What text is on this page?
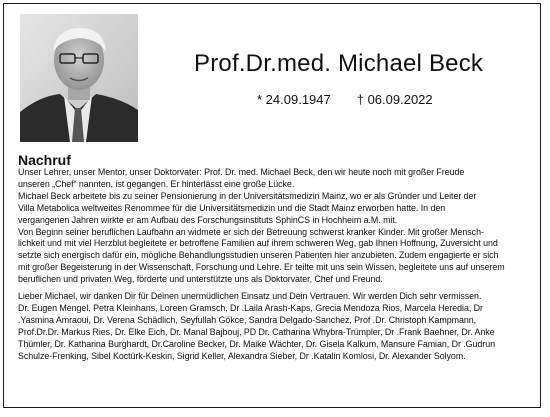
Prof.Dr.med. Michael Beck
* 24.09.1947 † 06.09.2022
Nachruf

Unser Lehrer, unser Mentor, unser Doktorvater: Prof. Dr. med. Michael Beck, den wir heute noch mit großer Freude
unseren „Chef“ nannten, ist gegangen. Er hinterlässt eine große Lücke.
Michael Beck arbeitete bis zu seiner Pensionierung in der Universitätsmedizin Mainz, wo er als Gründer und Leiter der
Villa Metabolica weltweites Renommee für die Universitätsmedizin und die Stadt Mainz erworben hatte. In den
vergangenen Jahren wirkte er am Aufbau des Forschungsinstituts SphinCS in Hochheim a.M. mit.
Von Beginn seiner beruflichen Laufbahn an widmete er sich der Betreuung schwerst kranker Kinder. Mit großer Mensch-
lichkeit und mit viel Herzblut begleitete er betroffene Familien auf ihrem schweren Weg, gab Ihnen Hoffnung, Zuversicht und
setzte sich energisch dafür ein, mögliche Behandlungsstudien unseren Patienten hier anzubieten. Zudem engagierte er sich
mit großer Begeisterung in der Wissenschaft, Forschung und Lehre. Er teilte mit uns sein Wissen, begleitete uns auf unserem
beruflichen und privaten Weg, förderte und unterstützte uns als Doktorvater, Chef und Freund.

Lieber Michael, wir danken Dir für Deinen unermüdlichen Einsatz und Dein Vertrauen. Wir werden Dich sehr vermissen.
Dr. Eugen Mengel, Petra Kleinhans, Loreen Gramsch, Dr .Laila Arash-Kaps, Grecia Mendoza Rios, Marcela Heredia, Dr
.Yasmina Amraoui, Dr. Verena Schädlich, Seyfullah Gökce, Sandra Delgado-Sanchez, Prof .Dr. Christoph Kampmann,
Prof.Dr.Dr. Markus Ries, Dr. Elke Eich, Dr. Manal Bajbouj, PD Dr. Catharina Whybra-Trümpler, Dr .Frank Baehner, Dr. Anke
Thümler, Dr. Katharina Burghardt, Dr.Caroline Becker, Dr. Maike Wächter, Dr. Gisela Kalkum, Mansure Famian, Dr .Gudrun
Schulze-Frenking, Sibel Koctürk-Keskin, Sigrid Keller, Alexandra Sieber, Dr .Katalin Komlosi, Dr. Alexander Solyom.
